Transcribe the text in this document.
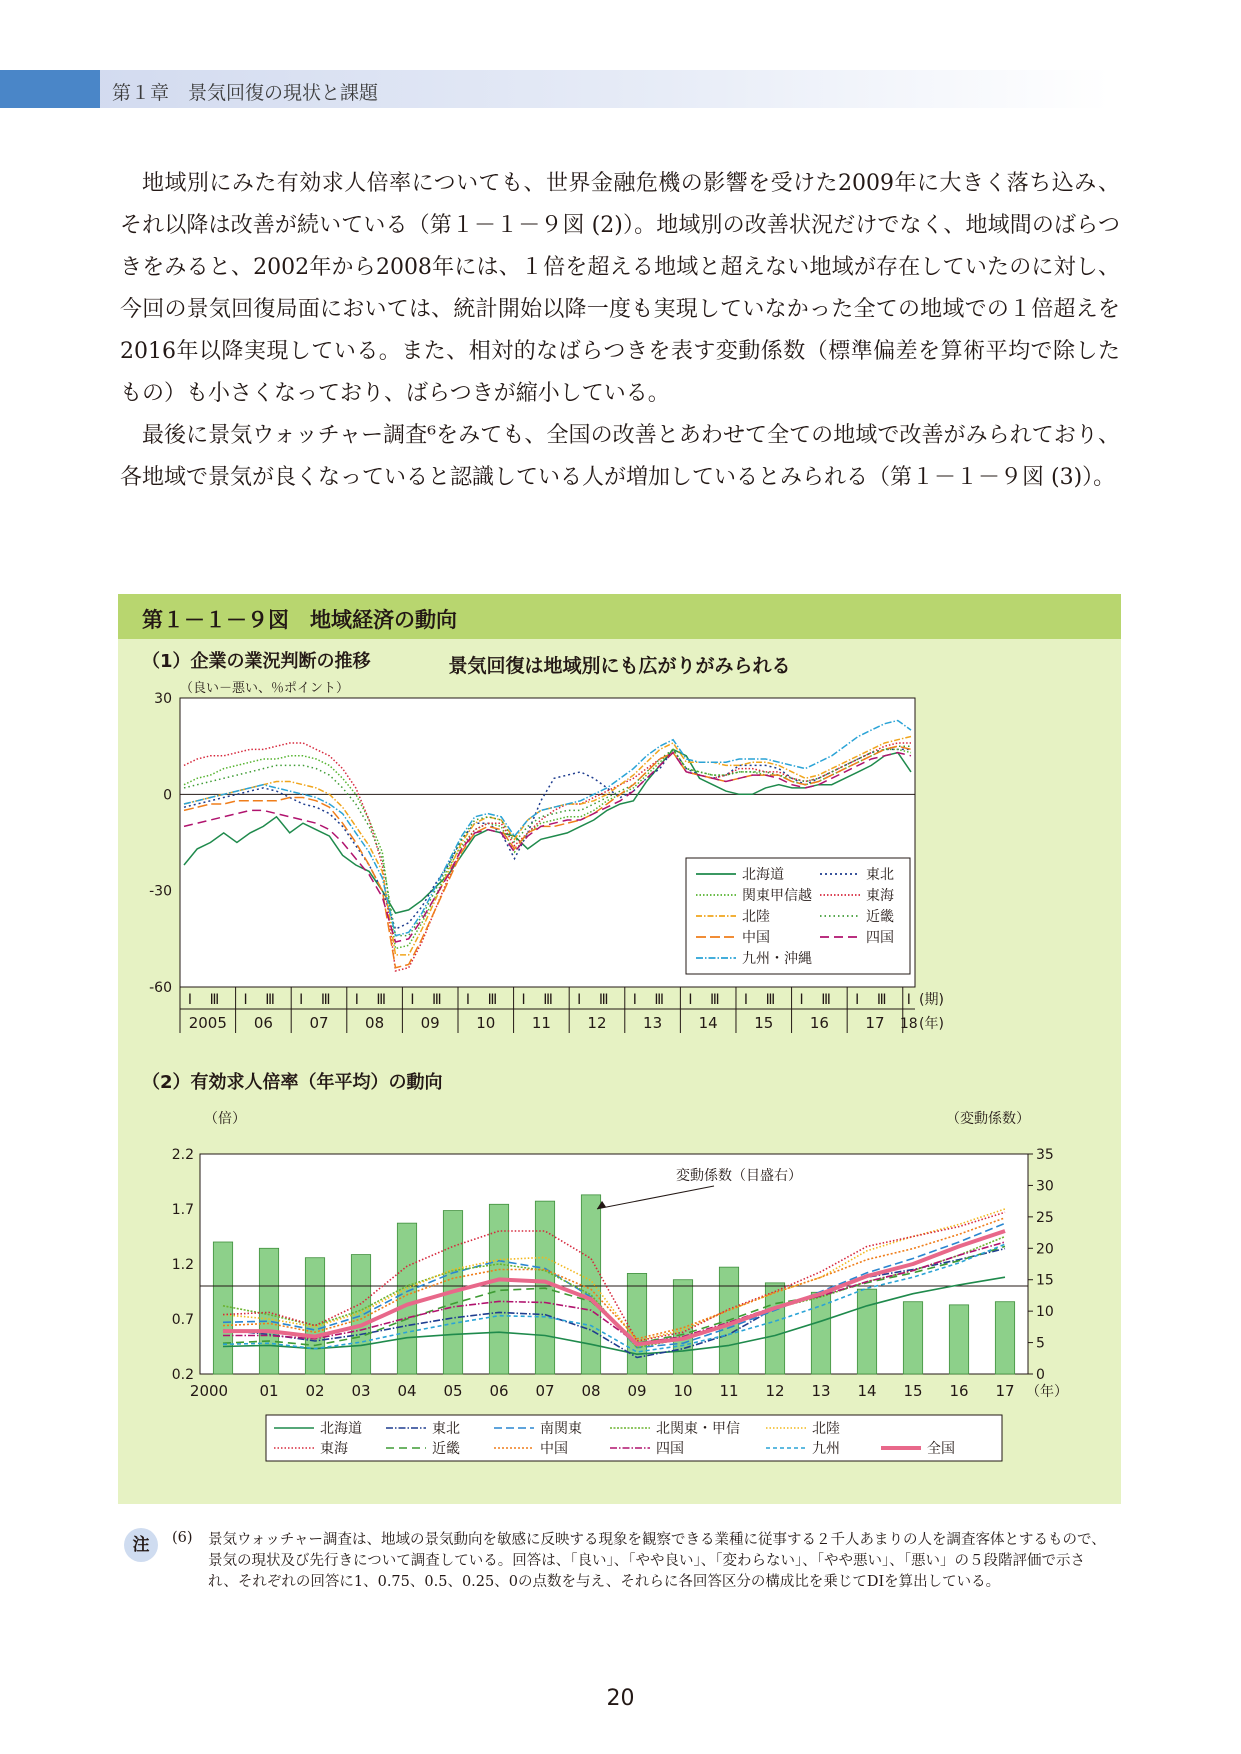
第１章　景気回復の現状と課題

地域別にみた有効求人倍率についても、世界金融危機の影響を受けた2009年に大きく落ち込み、それ以降は改善が続いている（第１－１－９図 (2)）。地域別の改善状況だけでなく、地域間のばらつきをみると、2002年から2008年には、１倍を超える地域と超えない地域が存在していたのに対し、今回の景気回復局面においては、統計開始以降一度も実現していなかった全ての地域での１倍超えを2016年以降実現している。また、相対的なばらつきを表す変動係数（標準偏差を算術平均で除したもの）も小さくなっており、ばらつきが縮小している。

最後に景気ウォッチャー調査⁶をみても、全国の改善とあわせて全ての地域で改善がみられており、各地域で景気が良くなっていると認識している人が増加しているとみられる（第１－１－９図 (3)）。

第１－１－９図　地域経済の動向
景気回復は地域別にも広がりがみられる
（1）企業の業況判断の推移
（良い－悪い、％ポイント）
30
0
-30
-60
Ⅰ Ⅲ
2005
Ⅰ Ⅲ
06
Ⅰ Ⅲ
07
Ⅰ Ⅲ
08
Ⅰ Ⅲ
09
Ⅰ Ⅲ
10
Ⅰ Ⅲ
11
Ⅰ Ⅲ
12
Ⅰ Ⅲ
13
Ⅰ Ⅲ
14
Ⅰ Ⅲ
15
Ⅰ Ⅲ
16
Ⅰ Ⅲ
17
Ⅰ
18
(期)
(年)
北海道	東北
関東甲信越	東海
北陸	近畿
中国	四国
九州・沖縄
（2）有効求人倍率（年平均）の動向
（倍）	（変動係数）
2.2
1.7
1.2
0.7
0.2
35
30
25
20
15
10
5
0
2000 01 02 03 04 05 06 07 08 09 10 11 12 13 14 15 16 17 （年）
変動係数（目盛右）
北海道	東北	南関東	北関東・甲信	北陸
東海	近畿	中国	四国	九州	全国
注	(6) 景気ウォッチャー調査は、地域の景気動向を敏感に反映する現象を観察できる業種に従事する２千人あまりの人を調査客体とするもので、景気の現状及び先行きについて調査している。回答は、「良い」、「やや良い」、「変わらない」、「やや悪い」、「悪い」の５段階評価で示され、それぞれの回答に1、0.75、0.5、0.25、0の点数を与え、それらに各回答区分の構成比を乗じてDIを算出している。
20
